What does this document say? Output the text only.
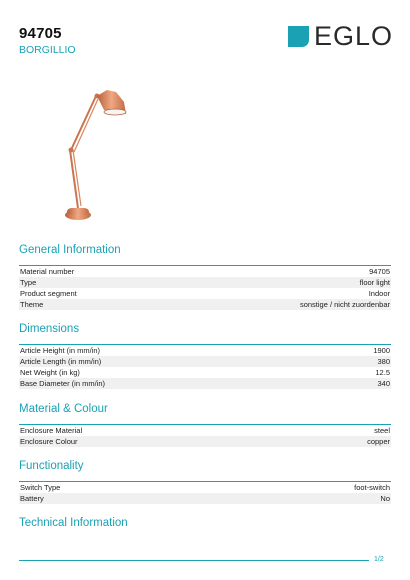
94705
BORGILLIO	EGLO
General Information
Material number	94705
Type	floor light
Product segment	Indoor
Theme	sonstige / nicht zuordenbar
Dimensions
Article Height (in mm/in)	1900
Article Length (in mm/in)	380
Net Weight (in kg)	12.5
Base Diameter (in mm/in)	340
Material & Colour
Enclosure Material	steel
Enclosure Colour	copper
Functionality
Switch Type	foot-switch
Battery	No
Technical Information
1/2
